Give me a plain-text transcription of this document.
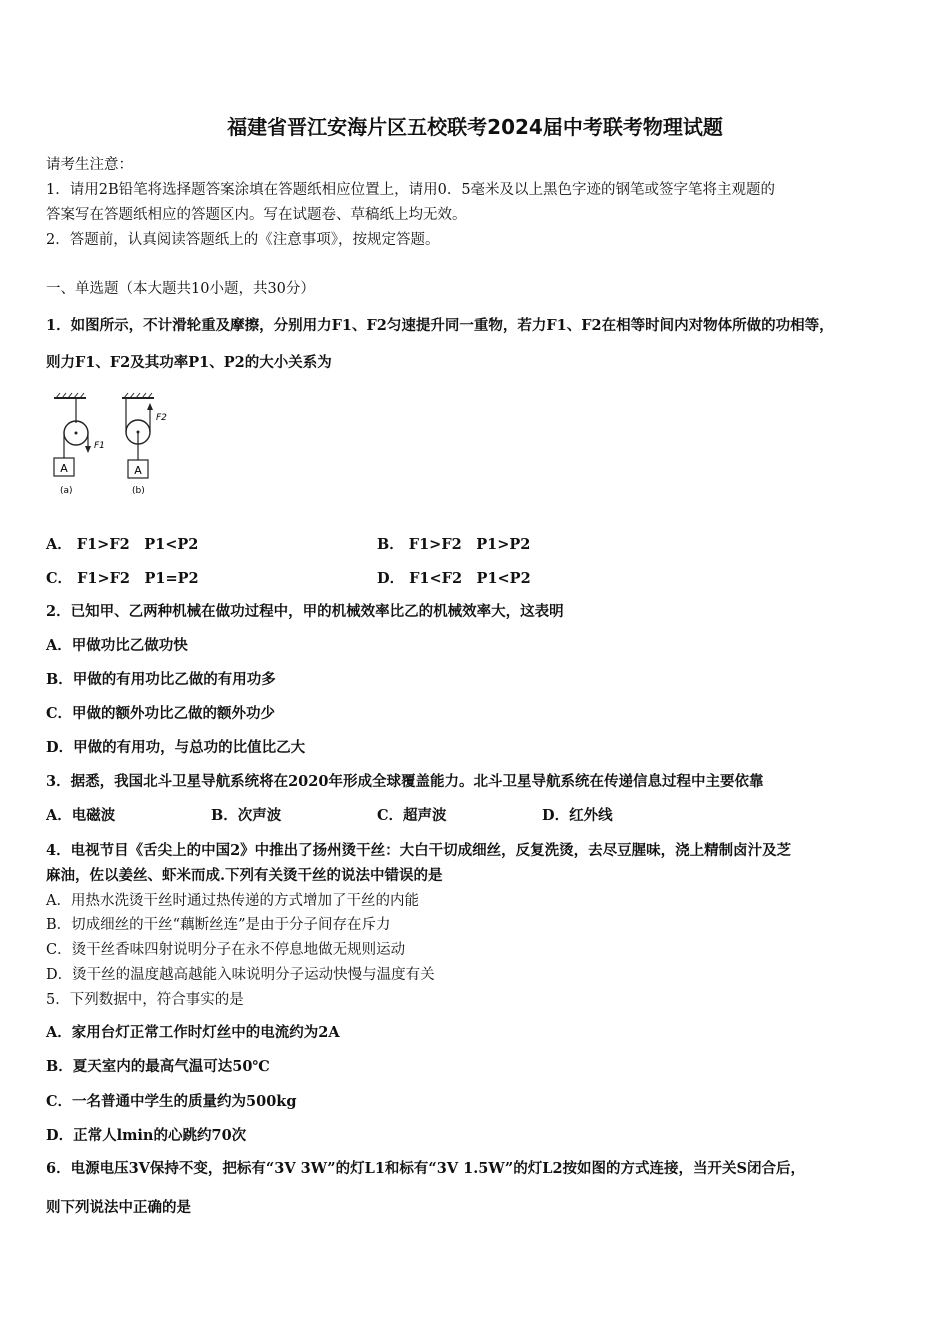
福建省晋江安海片区五校联考2024届中考联考物理试题
请考生注意：
1．请用2B铅笔将选择题答案涂填在答题纸相应位置上，请用0．5毫米及以上黑色字迹的钢笔或签字笔将主观题的
答案写在答题纸相应的答题区内。写在试题卷、草稿纸上均无效。
2．答题前，认真阅读答题纸上的《注意事项》，按规定答题。
一、单选题（本大题共10小题，共30分）
1．如图所示，不计滑轮重及摩擦，分别用力F1、F2匀速提升同一重物，若力F1、F2在相等时间内对物体所做的功相等，
则力F1、F2及其功率P1、P2的大小关系为
A
F1
(a)
A
F2
(b)
A． F1>F2　P1<P2	B． F1>F2　P1>P2
C． F1>F2　P1=P2	D． F1<F2　P1<P2
2．已知甲、乙两种机械在做功过程中，甲的机械效率比乙的机械效率大，这表明
A．甲做功比乙做功快
B．甲做的有用功比乙做的有用功多
C．甲做的额外功比乙做的额外功少
D．甲做的有用功，与总功的比值比乙大
3．据悉，我国北斗卫星导航系统将在2020年形成全球覆盖能力。北斗卫星导航系统在传递信息过程中主要依靠
A．电磁波	B．次声波	C．超声波	D．红外线
4．电视节目《舌尖上的中国2》中推出了扬州烫干丝：大白干切成细丝，反复洗烫，去尽豆腥味，浇上精制卤汁及芝
麻油，佐以姜丝、虾米而成.下列有关烫干丝的说法中错误的是
A．用热水洗烫干丝时通过热传递的方式增加了干丝的内能
B．切成细丝的干丝“藕断丝连”是由于分子间存在斥力
C．烫干丝香味四射说明分子在永不停息地做无规则运动
D．烫干丝的温度越高越能入味说明分子运动快慢与温度有关
5．下列数据中，符合事实的是
A．家用台灯正常工作时灯丝中的电流约为2A
B．夏天室内的最高气温可达50℃
C．一名普通中学生的质量约为500kg
D．正常人lmin的心跳约70次
6．电源电压3V保持不变，把标有“3V 3W”的灯L1和标有“3V 1.5W”的灯L2按如图的方式连接，当开关S闭合后，
则下列说法中正确的是
